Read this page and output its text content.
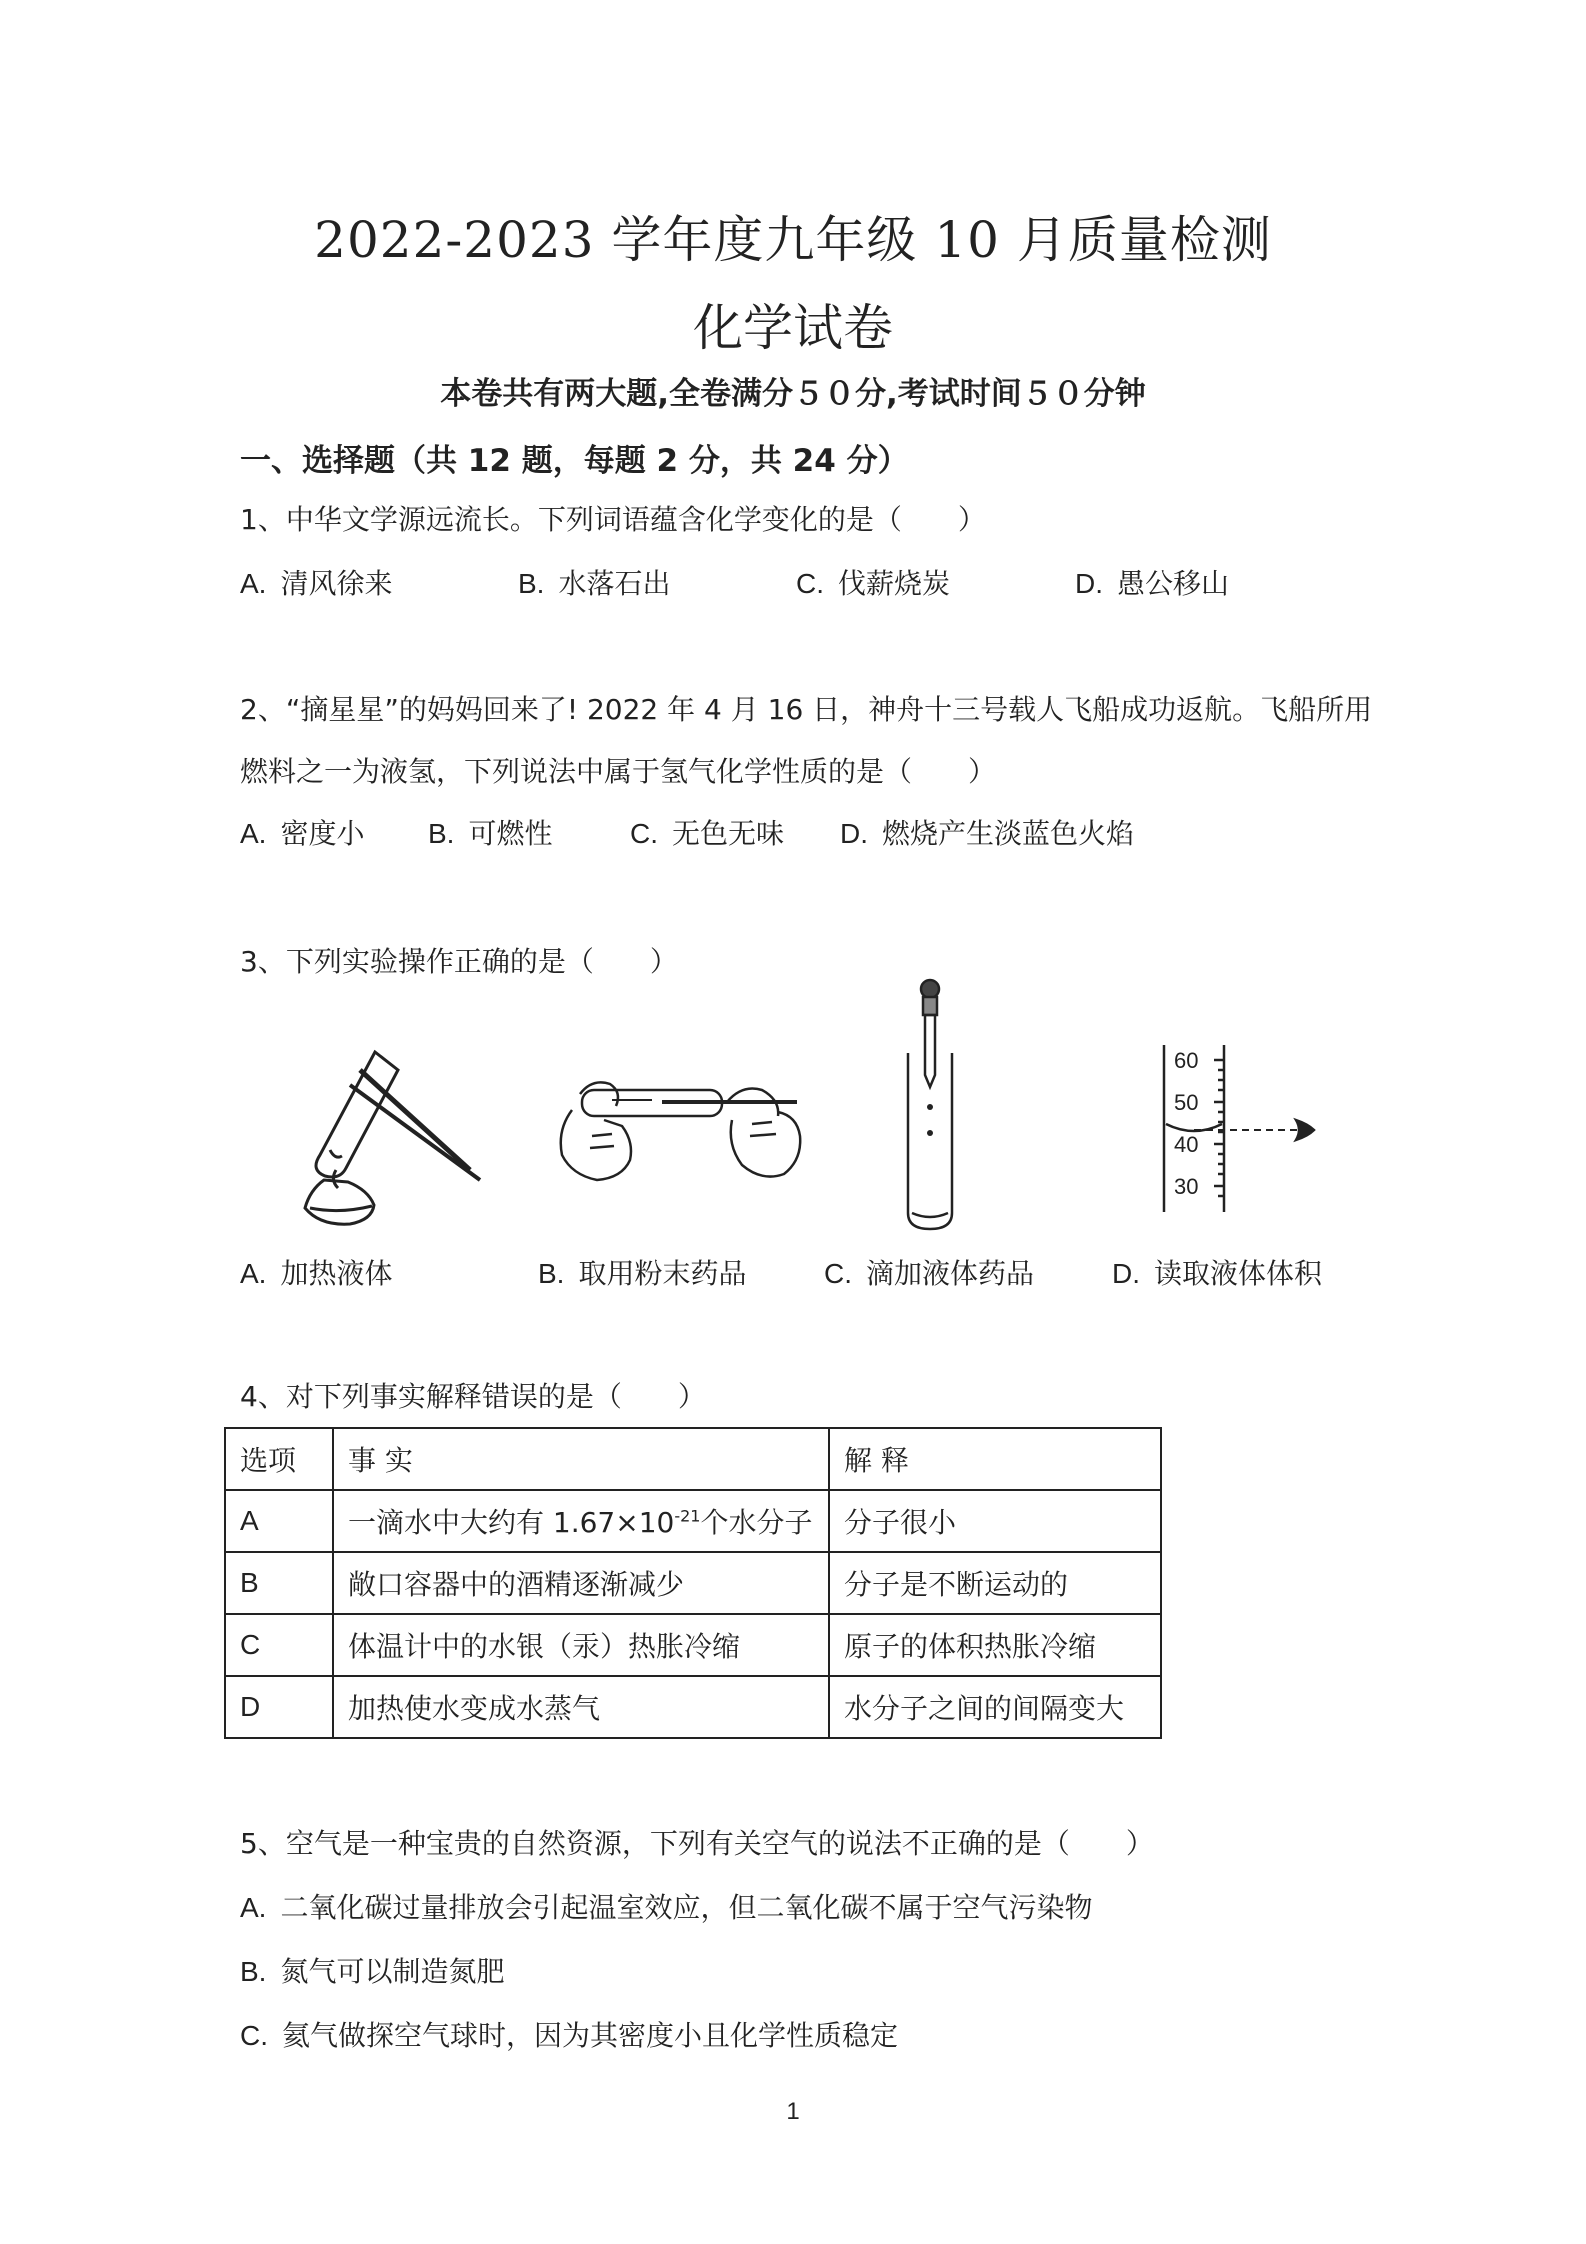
2022-2023 学年度九年级 10 月质量检测
化学试卷
本卷共有两大题,全卷满分５０分,考试时间５０分钟
一、选择题（共 12 题，每题 2 分，共 24 分）
1、中华文学源远流长。下列词语蕴含化学变化的是（　　）
A. 清风徐来	B. 水落石出	C. 伐薪烧炭	D. 愚公移山
2、“摘星星”的妈妈回来了! 2022 年 4 月 16 日，神舟十三号载人飞船成功返航。飞船所用
燃料之一为液氢，下列说法中属于氢气化学性质的是（　　）
A. 密度小 B. 可燃性	C. 无色无味 D. 燃烧产生淡蓝色火焰
3、下列实验操作正确的是（　　）
60
50
40
30
A. 加热液体	B. 取用粉末药品	C. 滴加液体药品	D. 读取液体体积
4、对下列事实解释错误的是（　　）
选项	事 实	解 释
A	一滴水中大约有 $1.67\times 10^{-21}$个水分子	分子很小
B	敞口容器中的酒精逐渐减少	分子是不断运动的
C	体温计中的水银（汞）热胀冷缩	原子的体积热胀冷缩
D	加热使水变成水蒸气	水分子之间的间隔变大
5、空气是一种宝贵的自然资源，下列有关空气的说法不正确的是（　　）
A. 二氧化碳过量排放会引起温室效应，但二氧化碳不属于空气污染物
B. 氮气可以制造氮肥
C. 氦气做探空气球时，因为其密度小且化学性质稳定
1
